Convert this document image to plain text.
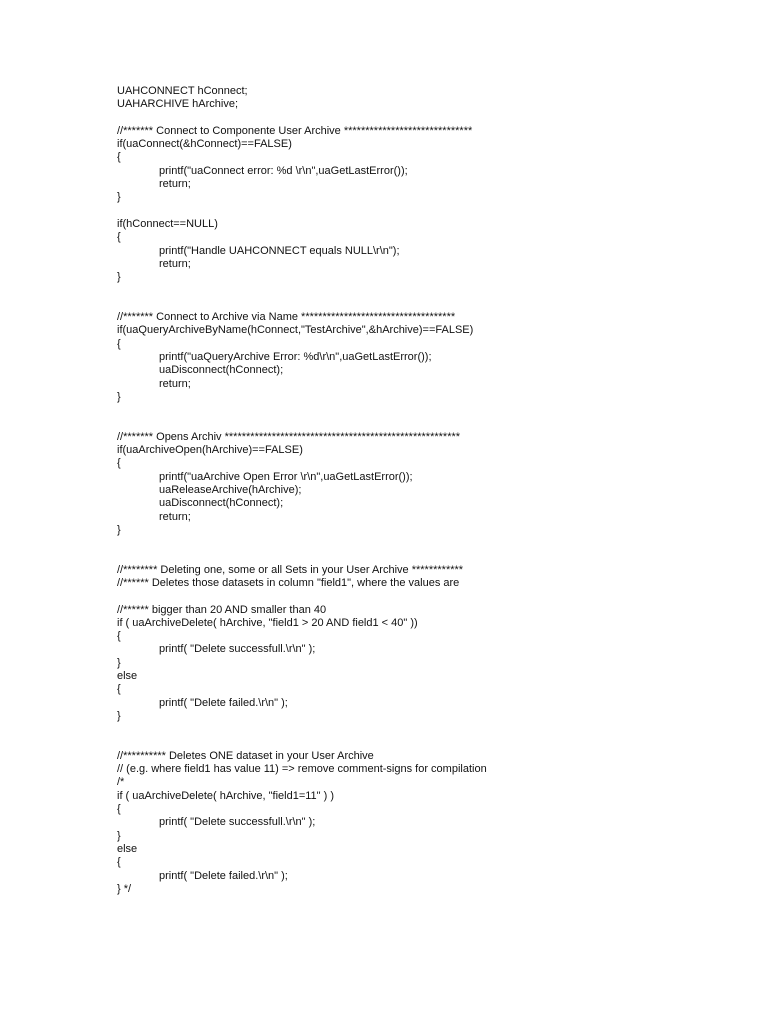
UAHCONNECT hConnect;
UAHARCHIVE hArchive;
//******* Connect to Componente User Archive ******************************
if(uaConnect(&hConnect)==FALSE)
{
printf("uaConnect error: %d \r\n",uaGetLastError());
return;
}
if(hConnect==NULL)
{
printf("Handle UAHCONNECT equals NULL\r\n");
return;
}
//******* Connect to Archive via Name ************************************
if(uaQueryArchiveByName(hConnect,"TestArchive",&hArchive)==FALSE)
{
printf("uaQueryArchive Error: %d\r\n",uaGetLastError());
uaDisconnect(hConnect);
return;
}
//******* Opens Archiv *******************************************************
if(uaArchiveOpen(hArchive)==FALSE)
{
printf("uaArchive Open Error \r\n",uaGetLastError());
uaReleaseArchive(hArchive);
uaDisconnect(hConnect);
return;
}
//******** Deleting one, some or all Sets in your User Archive ************
//****** Deletes those datasets in column "field1", where the values are
//****** bigger than 20 AND smaller than 40
if ( uaArchiveDelete( hArchive, "field1 > 20 AND field1 < 40" ))
{
printf( "Delete successfull.\r\n" );
}
else
{
printf( "Delete failed.\r\n" );
}
//********** Deletes ONE dataset in your User Archive
// (e.g. where field1 has value 11) => remove comment-signs for compilation
/*
if ( uaArchiveDelete( hArchive, "field1=11" ) )
{
printf( "Delete successfull.\r\n" );
}
else
{
printf( "Delete failed.\r\n" );
} */
